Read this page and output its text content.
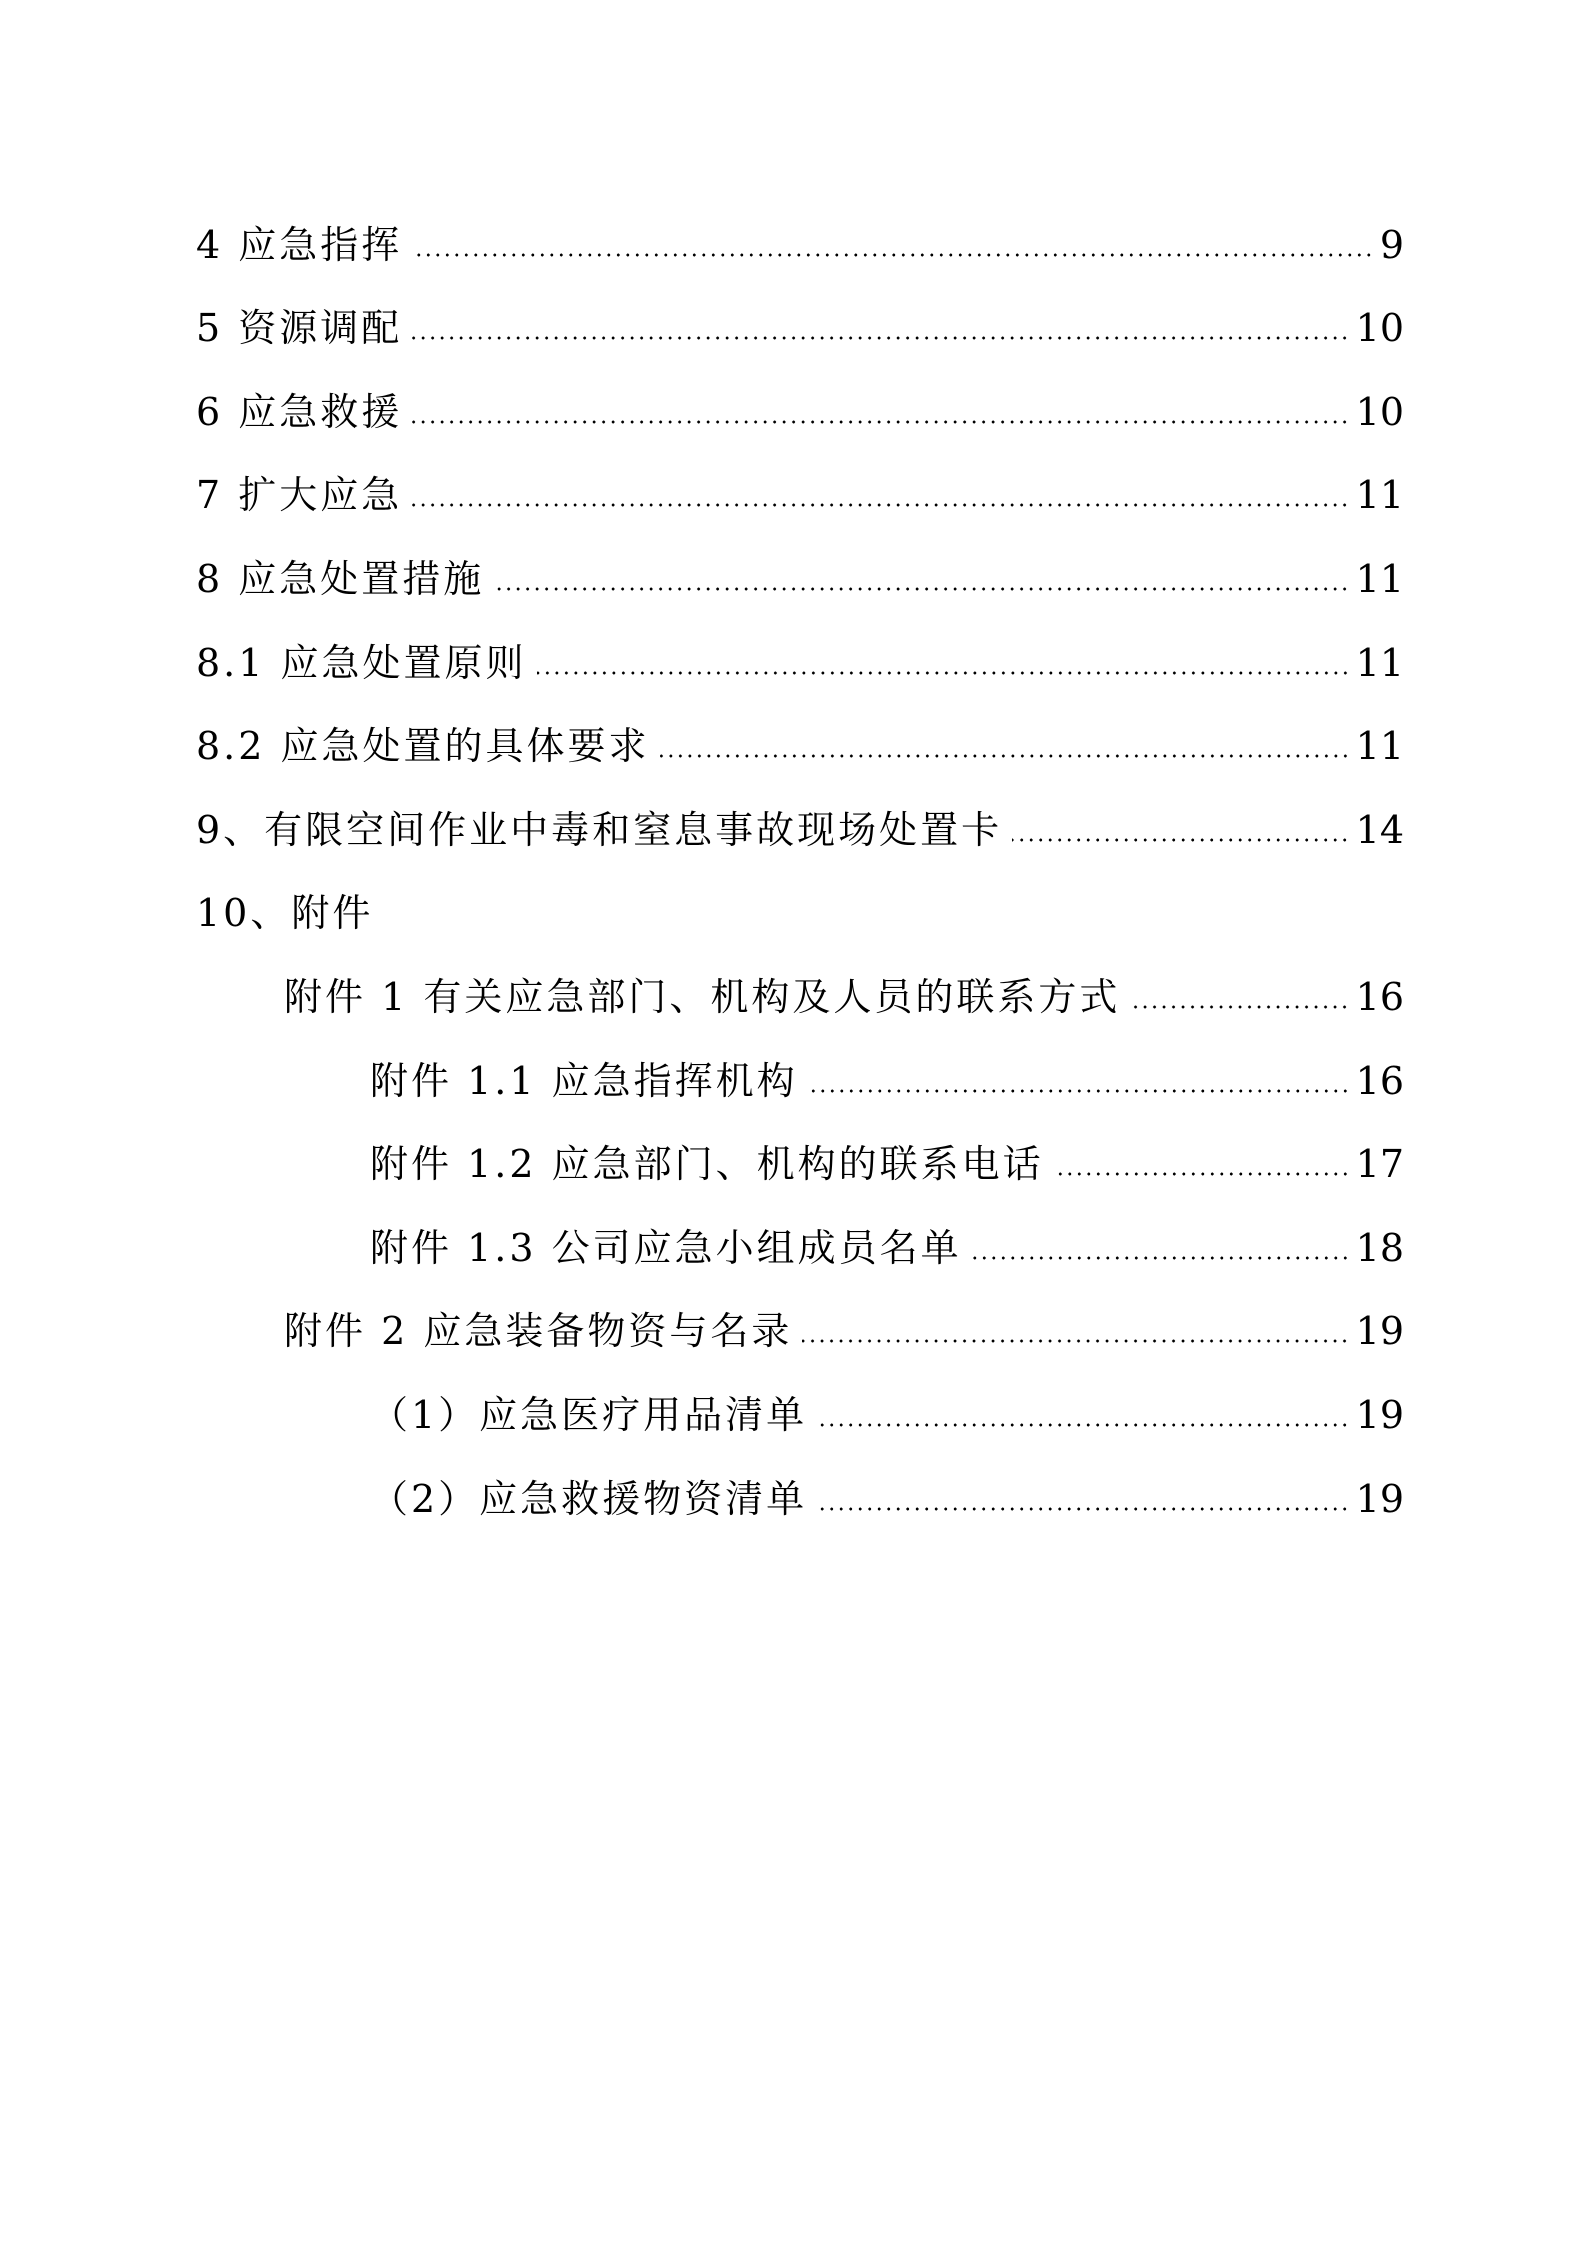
4 应急指挥	9
5 资源调配	10
6 应急救援	10
7 扩大应急	11
8 应急处置措施	11
8.1 应急处置原则	11
8.2 应急处置的具体要求	11
9、有限空间作业中毒和窒息事故现场处置卡	14
10、附件
附件 1 有关应急部门、机构及人员的联系方式	16
附件 1.1 应急指挥机构	16
附件 1.2 应急部门、机构的联系电话	17
附件 1.3 公司应急小组成员名单	18
附件 2 应急装备物资与名录	19
（1）应急医疗用品清单	19
（2）应急救援物资清单	19
